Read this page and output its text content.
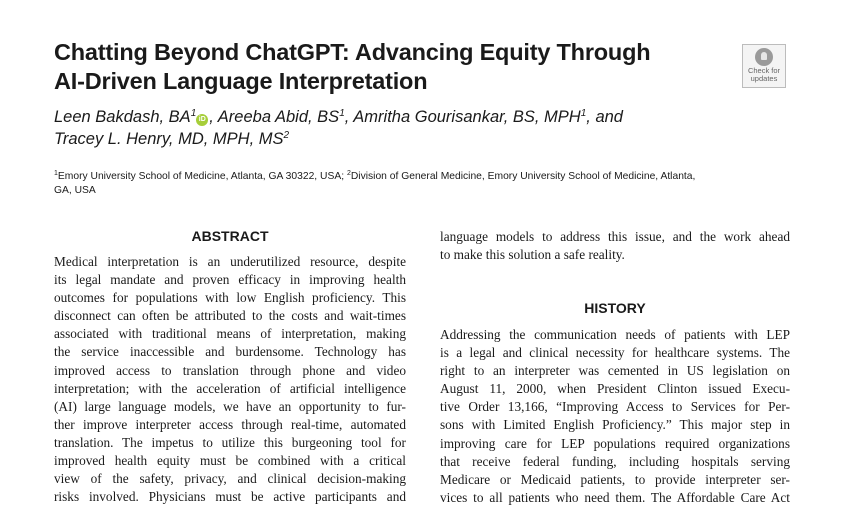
Chatting Beyond ChatGPT: Advancing Equity Through
AI-Driven Language Interpretation	Check for
updates
Leen Bakdash, $BA^1iD$ , Areeba Abid, $BS^1$, Amritha Gourisankar, BS, MPH$^1$, and
Tracey L. Henry, MD, MPH, $MS^2$
$^1$Emory University School of Medicine, Atlanta, GA 30322, USA; $^2$Division of General Medicine, Emory University School of Medicine, Atlanta,
GA, USA
ABSTRACT
Medical interpretation is an underutilized resource, despite
its legal mandate and proven efficacy in improving health
outcomes for populations with low English proficiency. This
disconnect can often be attributed to the costs and wait-times
associated with traditional means of interpretation, making
the service inaccessible and burdensome. Technology has
improved access to translation through phone and video
interpretation; with the acceleration of artificial intelligence
(AI) large language models, we have an opportunity to fur-
ther improve interpreter access through real-time, automated
translation. The impetus to utilize this burgeoning tool for
improved health equity must be combined with a critical
view of the safety, privacy, and clinical decision-making
risks involved. Physicians must be active participants and
language models to address this issue, and the work ahead
to make this solution a safe reality.
HISTORY
Addressing the communication needs of patients with LEP
is a legal and clinical necessity for healthcare systems. The
right to an interpreter was cemented in US legislation on
August 11, 2000, when President Clinton issued Execu-
tive Order 13,166, “Improving Access to Services for Per-
sons with Limited English Proficiency.” This major step in
improving care for LEP populations required organizations
that receive federal funding, including hospitals serving
Medicare or Medicaid patients, to provide interpreter ser-
vices to all patients who need them. The Affordable Care Act
